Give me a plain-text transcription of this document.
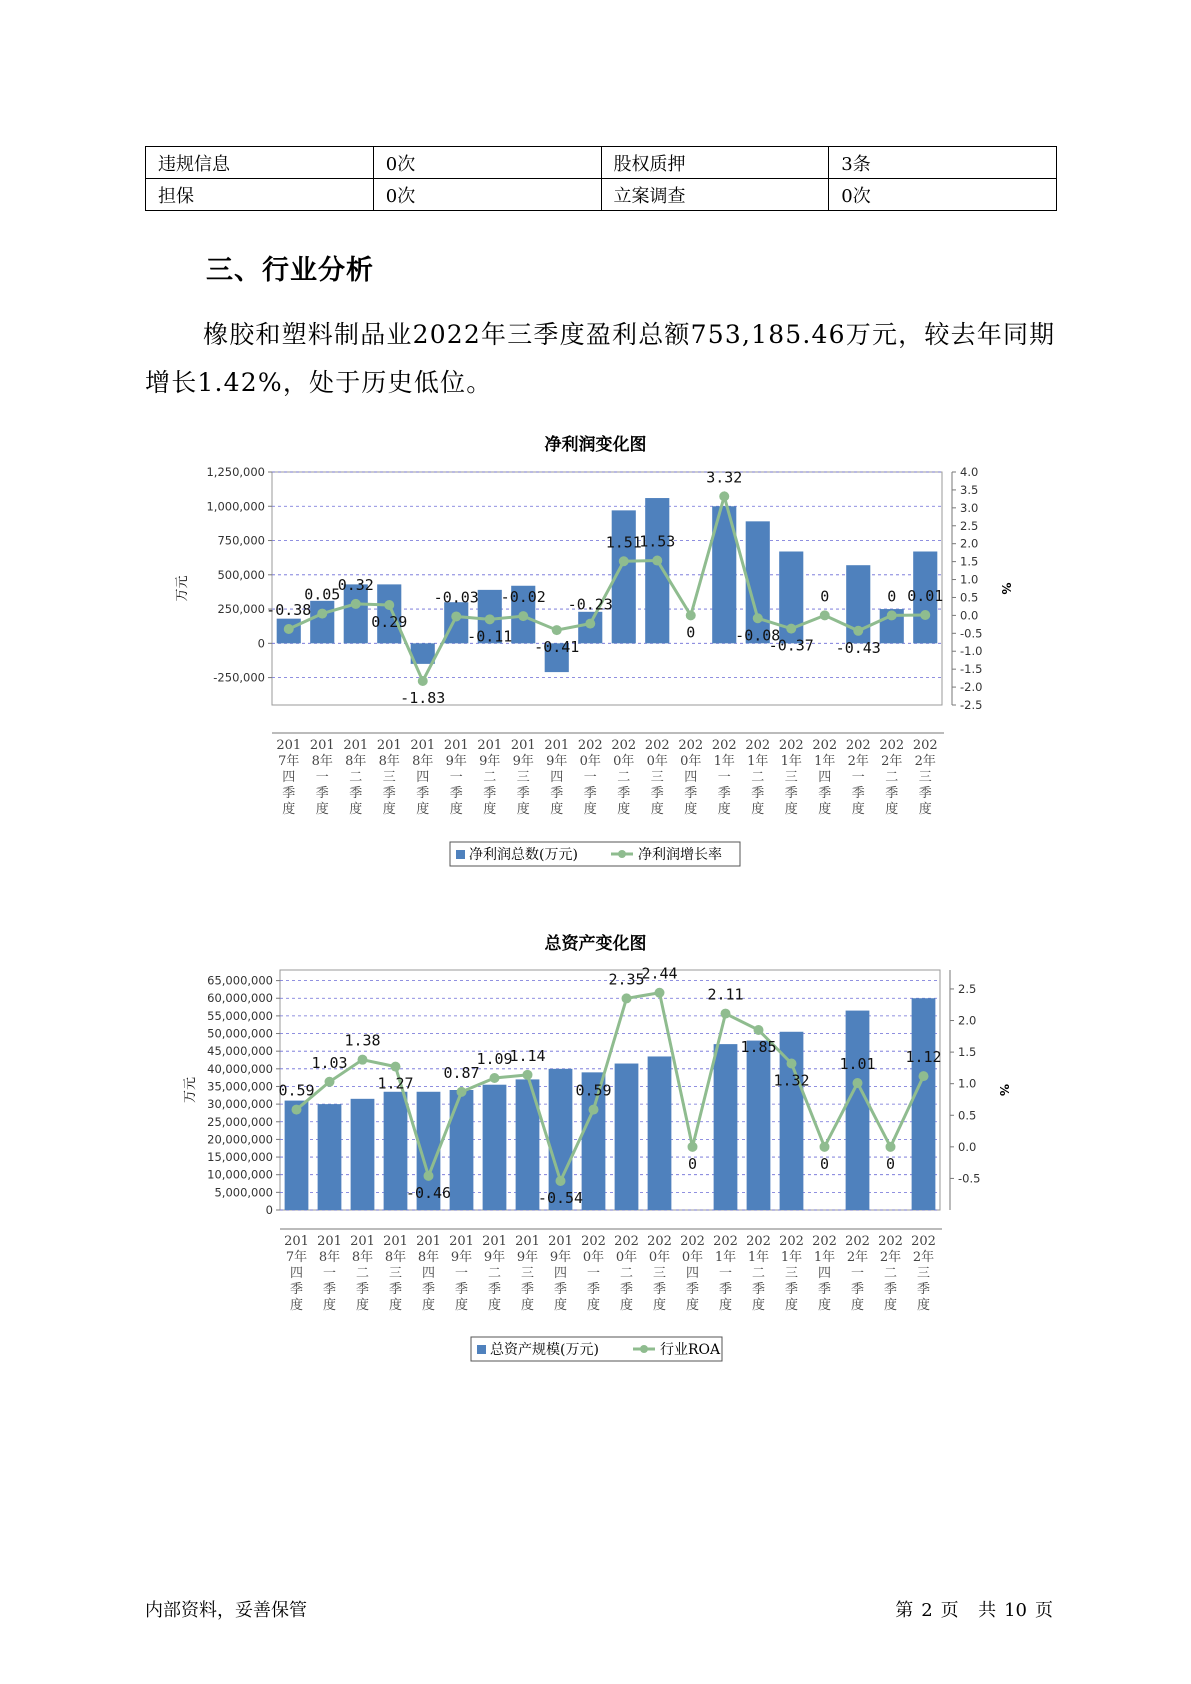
违规信息	0次	股权质押	3条
担保	0次	立案调查	0次
三、行业分析

橡胶和塑料制品业2022年三季度盈利总额753,185.46万元，较去年同期增长1.42%，处于历史低位。

净利润变化图
1,250,000
1,000,000
750,000
500,000
250,000
0
-250,000
4.0
3.5
3.0
2.5
2.0
1.5
1.0
0.5
0.0
-0.5
-1.0
-1.5
-2.0
-2.5
万元	%
201
7年
四
季
度
201
8年
一
季
度
201
8年
二
季
度
201
8年
三
季
度
201
8年
四
季
度
201
9年
一
季
度
201
9年
二
季
度
201
9年
三
季
度
201
9年
四
季
度
202
0年
一
季
度
202
0年
二
季
度
202
0年
三
季
度
202
0年
四
季
度
202
1年
一
季
度
202
1年
二
季
度
202
1年
三
季
度
202
1年
四
季
度
202
2年
一
季
度
202
2年
二
季
度
202
2年
三
季
度
-0.38
0.05
0.32
0.29
-1.83
-0.03
-0.11
-0.02
-0.41
-0.23
1.51
1.53
0
3.32
-0.08
-0.37
0
-0.43
0 0.01
净利润总数(万元)	净利润增长率
总资产变化图
65,000,000
60,000,000
55,000,000
50,000,000
45,000,000
40,000,000
35,000,000
30,000,000
25,000,000
20,000,000
15,000,000
10,000,000
5,000,000
0
2.5
2.0
1.5
1.0
0.5
0.0
-0.5
万元	%
201
7年
四
季
度
201
8年
一
季
度
201
8年
二
季
度
201
8年
三
季
度
201
8年
四
季
度
201
9年
一
季
度
201
9年
二
季
度
201
9年
三
季
度
201
9年
四
季
度
202
0年
一
季
度
202
0年
二
季
度
202
0年
三
季
度
202
0年
四
季
度
202
1年
一
季
度
202
1年
二
季
度
202
1年
三
季
度
202
1年
四
季
度
202
2年
一
季
度
202
2年
二
季
度
202
2年
三
季
度
0.59
1.03
1.38
1.27
-0.46
0.87
1.09
1.14
-0.54
0.59
2.35
2.44
0
2.11
1.85
1.32
0
1.01
0
1.12
总资产规模(万元)	行业ROA
内部资料，妥善保管	第 2 页 共 10 页
